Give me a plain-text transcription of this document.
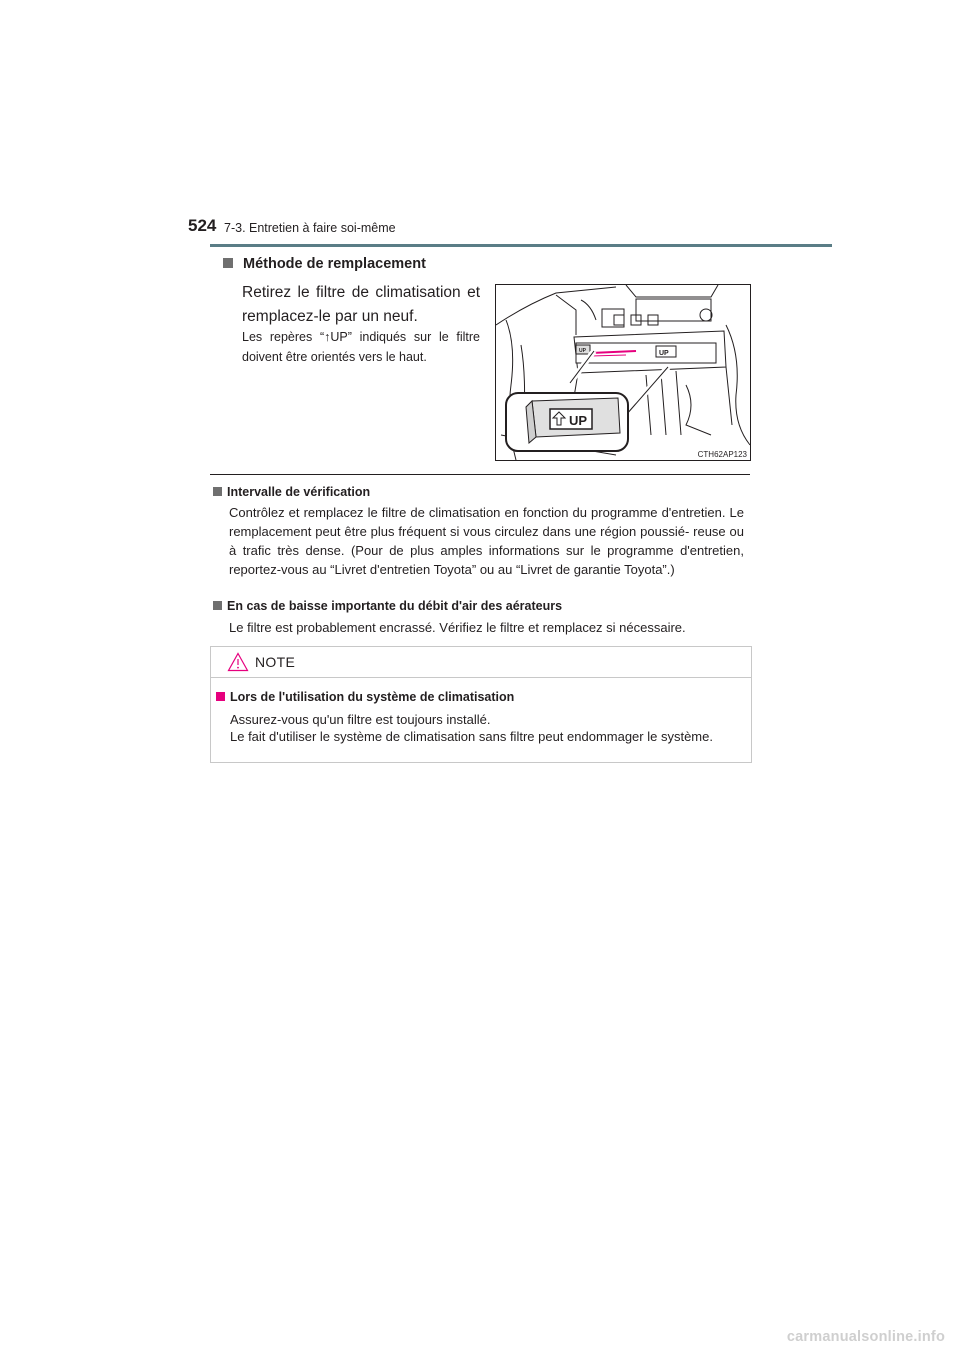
524 7-3. Entretien à faire soi-même
Méthode de remplacement
Retirez le filtre de climatisation et remplacez-le par un neuf.
Les repères “↑UP” indiqués sur le filtre doivent être orientés vers le haut.
UP
UP
UP
CTH62AP123
Intervalle de vérification
Contrôlez et remplacez le filtre de climatisation en fonction du programme d'entretien. Le remplacement peut être plus fréquent si vous circulez dans une région poussié- reuse ou à trafic très dense. (Pour de plus amples informations sur le programme d'entretien, reportez-vous au “Livret d'entretien Toyota” ou au “Livret de garantie Toyota”.)
En cas de baisse importante du débit d'air des aérateurs
Le filtre est probablement encrassé. Vérifiez le filtre et remplacez si nécessaire.
NOTE
Lors de l'utilisation du système de climatisation
Assurez-vous qu'un filtre est toujours installé.
Le fait d'utiliser le système de climatisation sans filtre peut endommager le système.
carmanualsonline.info
